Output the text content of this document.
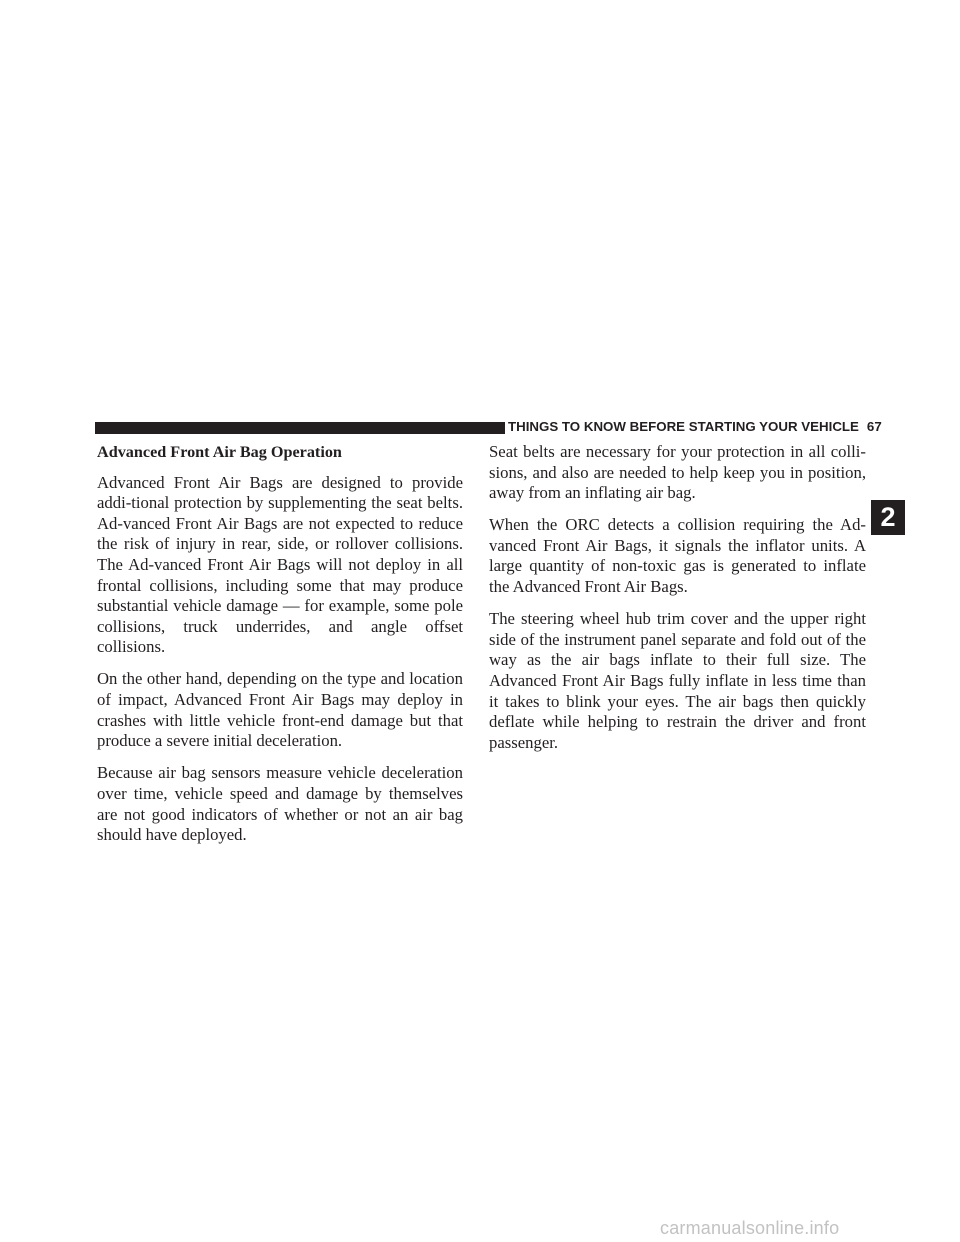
THINGS TO KNOW BEFORE STARTING YOUR VEHICLE 67
Advanced Front Air Bag Operation

Advanced Front Air Bags are designed to provide addi-tional protection by supplementing the seat belts. Ad-vanced Front Air Bags are not expected to reduce the risk of injury in rear, side, or rollover collisions. The Ad-vanced Front Air Bags will not deploy in all frontal collisions, including some that may produce substantial vehicle damage — for example, some pole collisions, truck underrides, and angle offset collisions.

On the other hand, depending on the type and location of impact, Advanced Front Air Bags may deploy in crashes with little vehicle front-end damage but that produce a severe initial deceleration.

Because air bag sensors measure vehicle deceleration over time, vehicle speed and damage by themselves are not good indicators of whether or not an air bag should have deployed.

Seat belts are necessary for your protection in all colli-sions, and also are needed to help keep you in position, away from an inflating air bag.

When the ORC detects a collision requiring the Ad-vanced Front Air Bags, it signals the inflator units. A large quantity of non-toxic gas is generated to inflate the Advanced Front Air Bags.

The steering wheel hub trim cover and the upper right side of the instrument panel separate and fold out of the way as the air bags inflate to their full size. The Advanced Front Air Bags fully inflate in less time than it takes to blink your eyes. The air bags then quickly deflate while helping to restrain the driver and front passenger.

2
carmanualsonline.info
